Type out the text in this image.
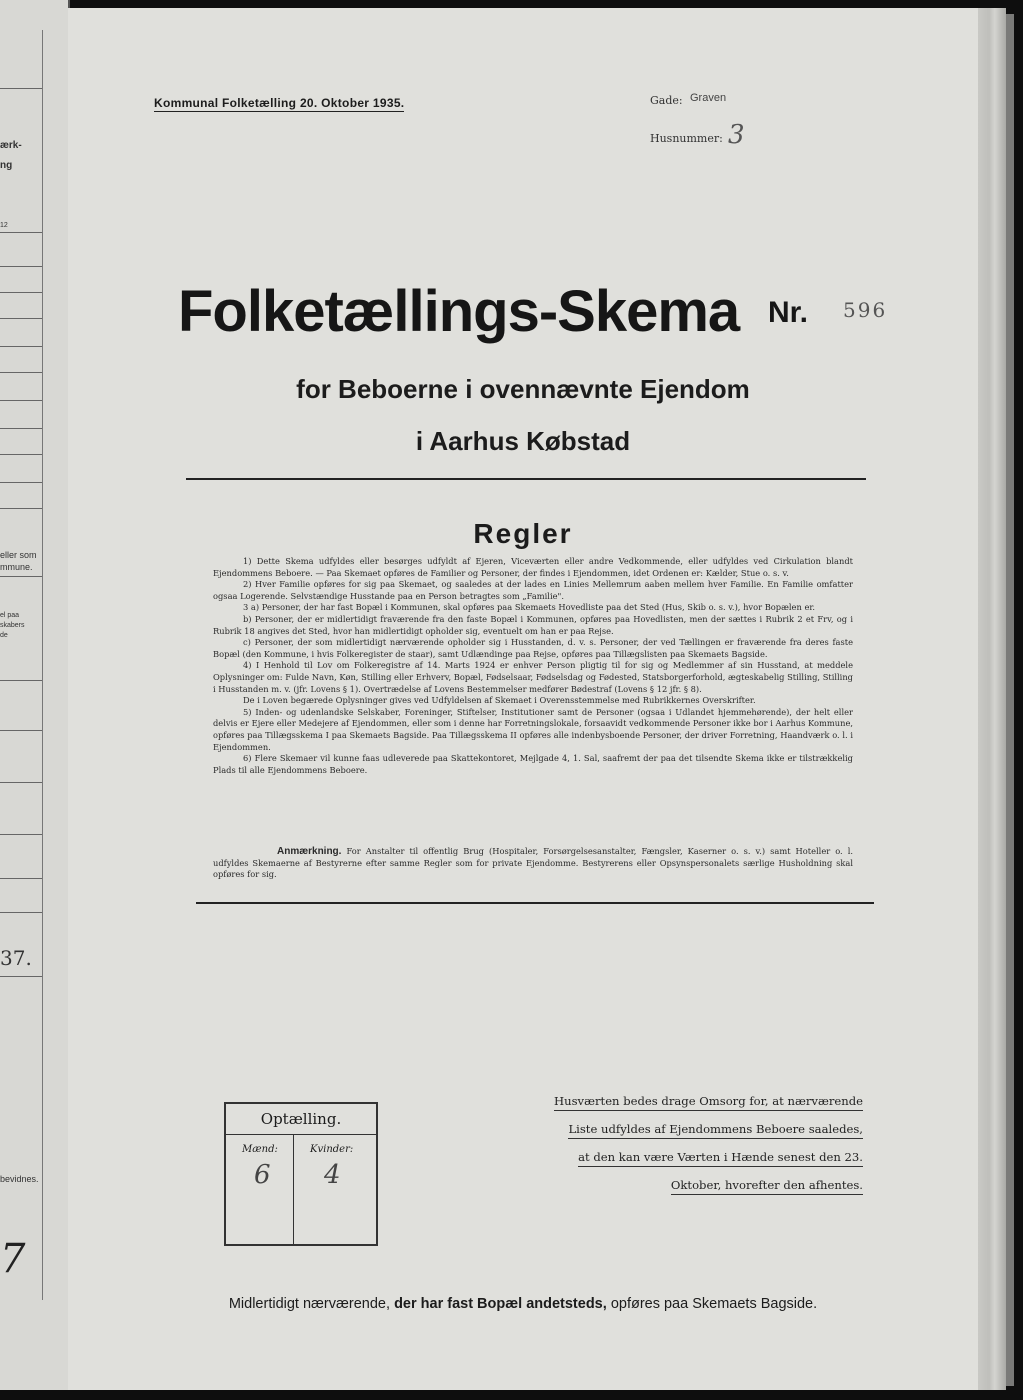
ærk-
ng
12
eller som
mmune.
el paa
skabers
de
37.
bevidnes.
7
Kommunal Folketælling 20. Oktober 1935.	Gade: Graven
Husnummer: 3
Folketællings-Skema Nr. 596
for Beboerne i ovennævnte Ejendom
i Aarhus Købstad
Regler

1) Dette Skema udfyldes eller besørges udfyldt af Ejeren, Viceværten eller andre Vedkommende, eller udfyldes ved Cirkulation blandt Ejendommens Beboere. — Paa Skemaet opføres de Familier og Personer, der findes i Ejendommen, idet Ordenen er: Kælder, Stue o. s. v.

2) Hver Familie opføres for sig paa Skemaet, og saaledes at der lades en Linies Mellemrum aaben mellem hver Familie. En Familie omfatter ogsaa Logerende. Selvstændige Husstande paa en Person betragtes som „Familie".

3 a) Personer, der har fast Bopæl i Kommunen, skal opføres paa Skemaets Hovedliste paa det Sted (Hus, Skib o. s. v.), hvor Bopælen er.

b) Personer, der er midlertidigt fraværende fra den faste Bopæl i Kommunen, opføres paa Hovedlisten, men der sættes i Rubrik 2 et Frv, og i Rubrik 18 angives det Sted, hvor han midlertidigt opholder sig, eventuelt om han er paa Rejse.

c) Personer, der som midlertidigt nærværende opholder sig i Husstanden, d. v. s. Personer, der ved Tællingen er fraværende fra deres faste Bopæl (den Kommune, i hvis Folkeregister de staar), samt Udlændinge paa Rejse, opføres paa Tillægslisten paa Skemaets Bagside.

4) I Henhold til Lov om Folkeregistre af 14. Marts 1924 er enhver Person pligtig til for sig og Medlemmer af sin Husstand, at meddele Oplysninger om: Fulde Navn, Køn, Stilling eller Erhverv, Bopæl, Fødselsaar, Fødselsdag og Fødested, Statsborgerforhold, ægteskabelig Stilling, Stilling i Husstanden m. v. (jfr. Lovens § 1). Overtrædelse af Lovens Bestemmelser medfører Bødestraf (Lovens § 12 jfr. § 8).

De i Loven begærede Oplysninger gives ved Udfyldelsen af Skemaet i Overensstemmelse med Rubrikkernes Overskrifter.

5) Inden- og udenlandske Selskaber, Foreninger, Stiftelser, Institutioner samt de Personer (ogsaa i Udlandet hjemmehørende), der helt eller delvis er Ejere eller Medejere af Ejendommen, eller som i denne har Forretningslokale, forsaavidt vedkommende Personer ikke bor i Aarhus Kommune, opføres paa Tillægsskema I paa Skemaets Bagside. Paa Tillægsskema II opføres alle indenbysboende Personer, der driver Forretning, Haandværk o. l. i Ejendommen.

6) Flere Skemaer vil kunne faas udleverede paa Skattekontoret, Mejlgade 4, 1. Sal, saafremt der paa det tilsendte Skema ikke er tilstrækkelig Plads til alle Ejendommens Beboere.

Anmærkning. For Anstalter til offentlig Brug (Hospitaler, Forsørgelsesanstalter, Fængsler, Kaserner o. s. v.) samt Hoteller o. l. udfyldes Skemaerne af Bestyrerne efter samme Regler som for private Ejendomme. Bestyrerens eller Opsynspersonalets særlige Husholdning skal opføres for sig.
Optælling.
Mænd:	Kvinder:
6 4
Husværten bedes drage Omsorg for, at nærværende
Liste udfyldes af Ejendommens Beboere saaledes,
at den kan være Værten i Hænde senest den 23.
Oktober, hvorefter den afhentes.
Midlertidigt nærværende, der har fast Bopæl andetsteds, opføres paa Skemaets Bagside.
